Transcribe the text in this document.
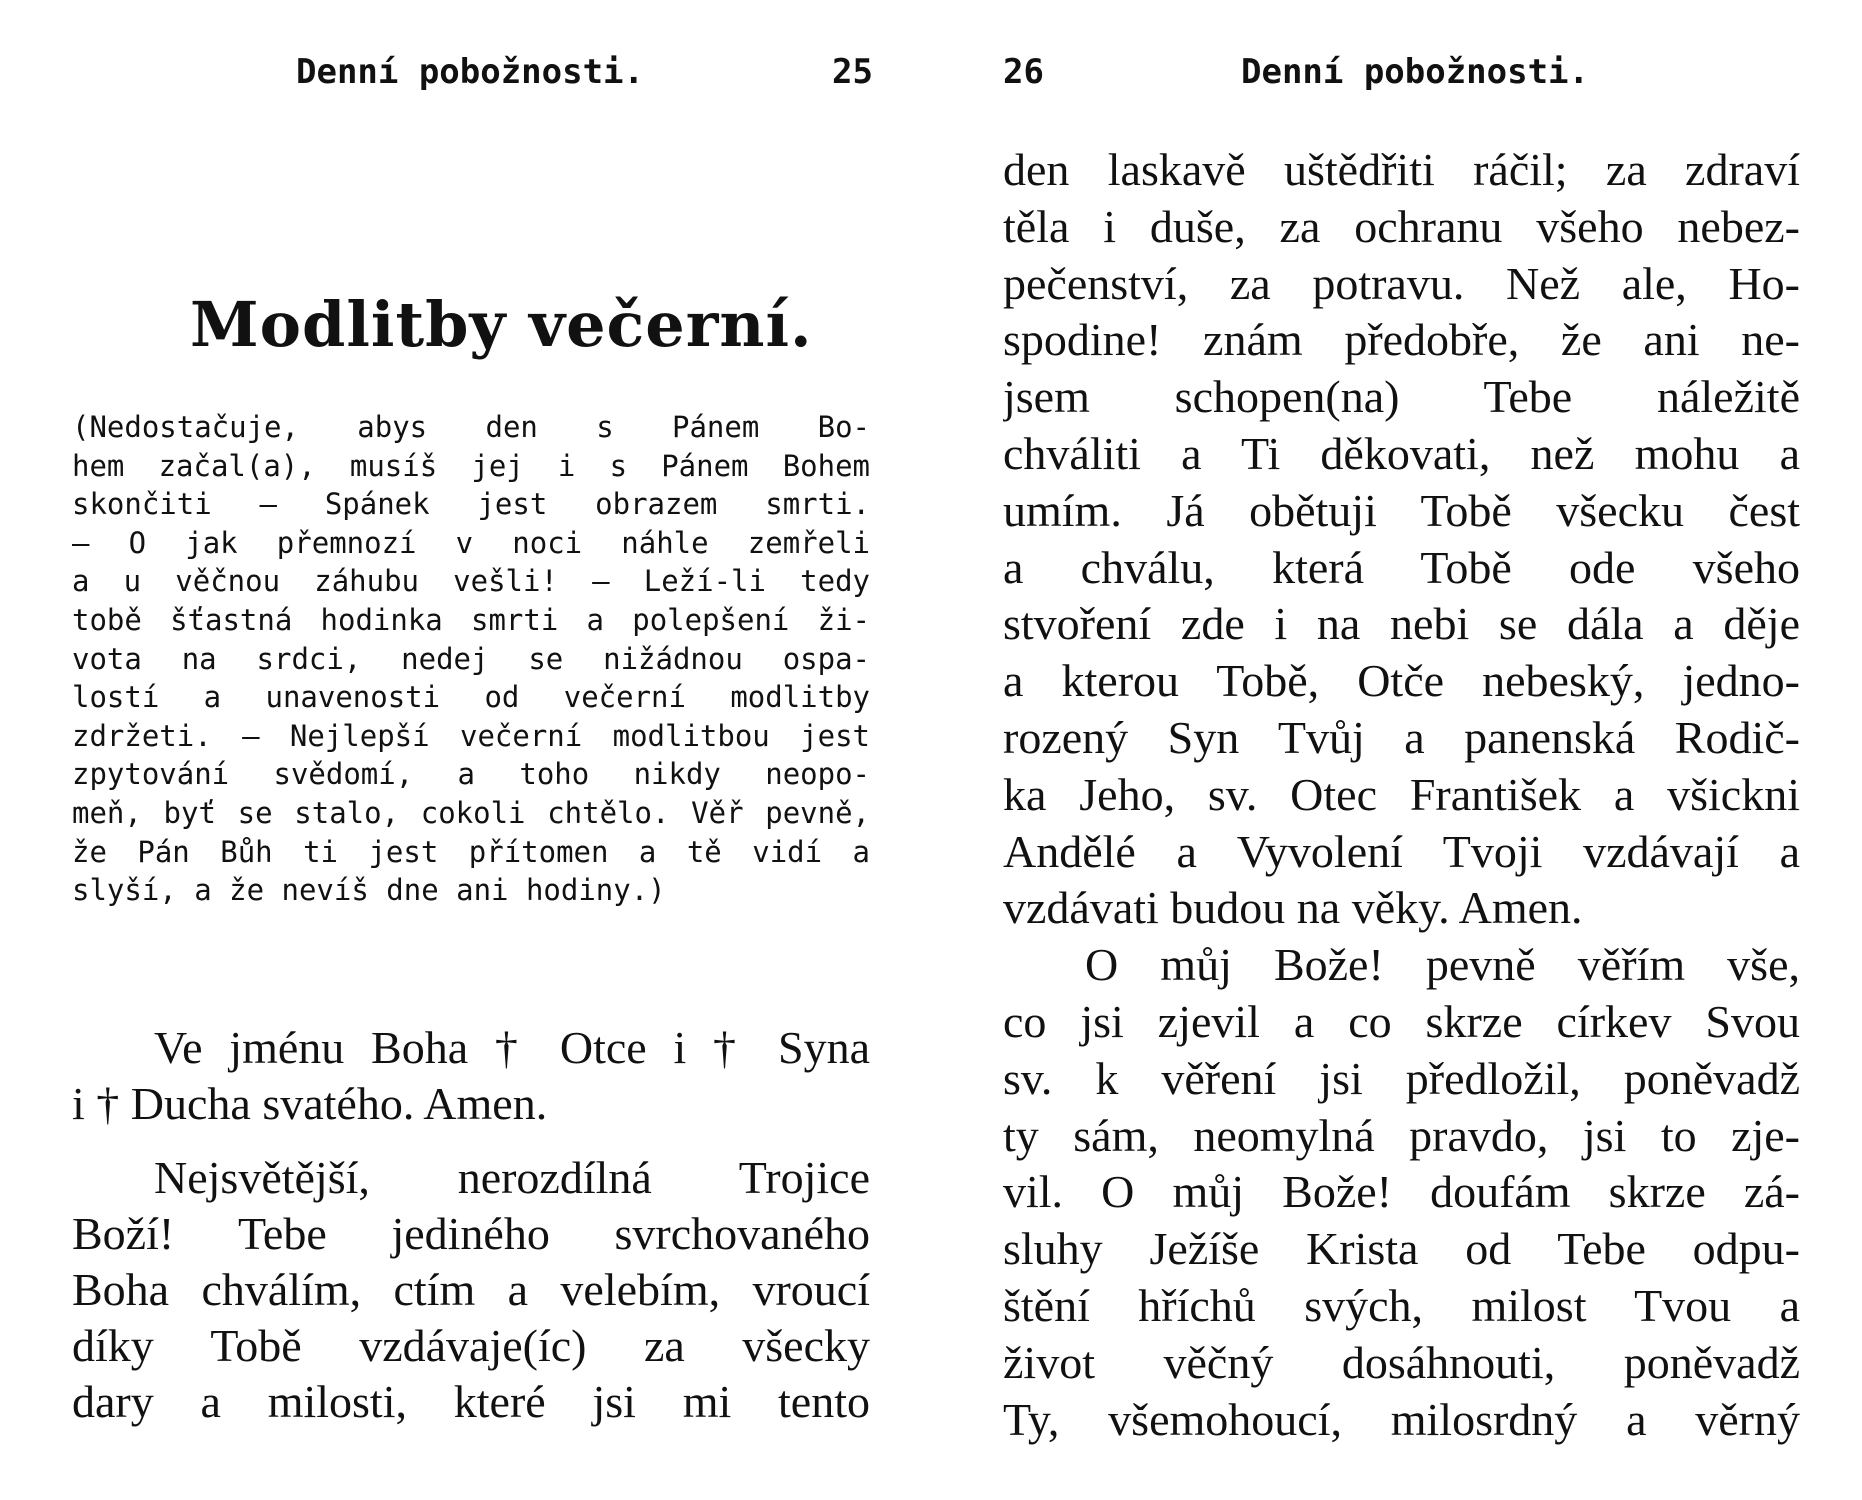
Denní pobožnosti.	25
Modlitby večerní.
(Nedostačuje, abys den s Pánem Bo-
hem začal(a), musíš jej i s Pánem Bohem
skončiti — Spánek jest obrazem smrti.
— O jak přemnozí v noci náhle zemřeli
a u věčnou záhubu vešli! — Leží-li tedy
tobě šťastná hodinka smrti a polepšení ži-
vota na srdci, nedej se nižádnou ospa-
lostí a unavenosti od večerní modlitby
zdržeti. — Nejlepší večerní modlitbou jest
zpytování svědomí, a toho nikdy neopo-
meň, byť se stalo, cokoli chtělo. Věř pevně,
že Pán Bůh ti jest přítomen a tě vidí a
slyší, a že nevíš dne ani hodiny.)
Ve jménu Boha † Otce i † Syna
i † Ducha svatého. Amen.
Nejsvětější, nerozdílná Trojice
Boží! Tebe jediného svrchovaného
Boha chválím, ctím a velebím, vroucí
díky Tobě vzdávaje(íc) za všecky
dary a milosti, které jsi mi tento
26	Denní pobožnosti.
den laskavě uštědřiti ráčil; za zdraví
těla i duše, za ochranu všeho nebez-
pečenství, za potravu. Než ale, Ho-
spodine! znám předobře, že ani ne-
jsem schopen(na) Tebe náležitě
chváliti a Ti děkovati, než mohu a
umím. Já obětuji Tobě všecku čest
a chválu, která Tobě ode všeho
stvoření zde i na nebi se dála a děje
a kterou Tobě, Otče nebeský, jedno-
rozený Syn Tvůj a panenská Rodič-
ka Jeho, sv. Otec František a všickni
Andělé a Vyvolení Tvoji vzdávají a
vzdávati budou na věky. Amen.
O můj Bože! pevně věřím vše,
co jsi zjevil a co skrze církev Svou
sv. k věření jsi předložil, poněvadž
ty sám, neomylná pravdo, jsi to zje-
vil. O můj Bože! doufám skrze zá-
sluhy Ježíše Krista od Tebe odpu-
štění hříchů svých, milost Tvou a
život věčný dosáhnouti, poněvadž
Ty, všemohoucí, milosrdný a věrný
